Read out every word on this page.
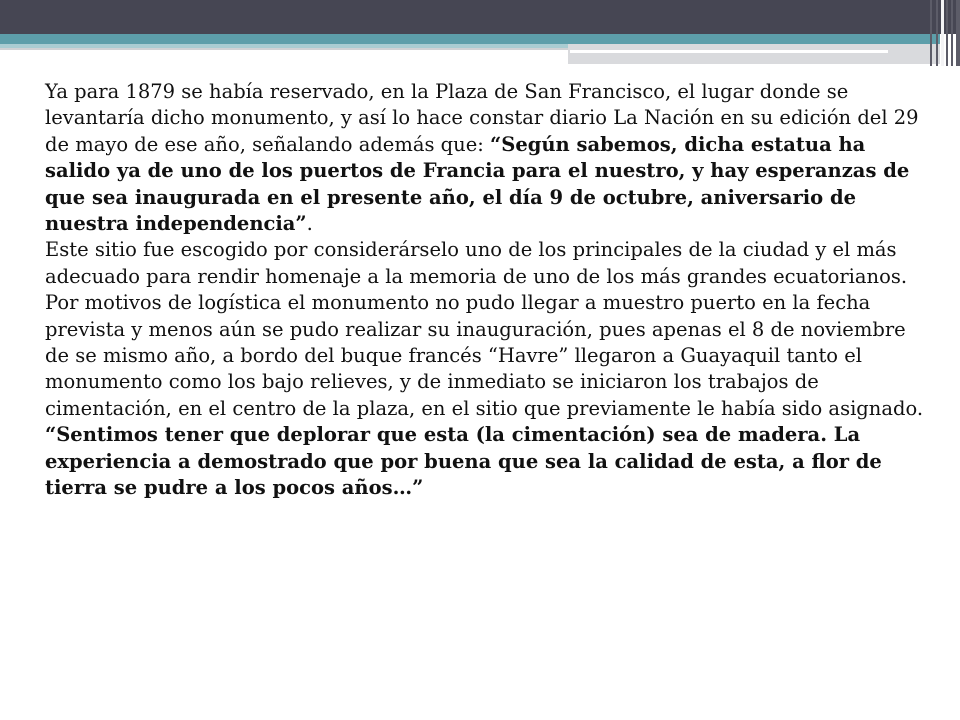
Ya para 1879 se había reservado, en la Plaza de San Francisco, el lugar donde se levantaría dicho monumento, y así lo hace constar diario La Nación en su edición del 29 de mayo de ese año, señalando además que: “Según sabemos, dicha estatua ha salido ya de uno de los puertos de Francia para el nuestro, y hay esperanzas de que sea inaugurada en el presente año, el día 9 de octubre, aniversario de nuestra independencia”.

Este sitio fue escogido por considerárselo uno de los principales de la ciudad y el más adecuado para rendir homenaje a la memoria de uno de los más grandes ecuatorianos.

Por motivos de logística el monumento no pudo llegar a muestro puerto en la fecha prevista y menos aún se pudo realizar su inauguración, pues apenas el 8 de noviembre de se mismo año, a bordo del buque francés “Havre” llegaron a Guayaquil tanto el monumento como los bajo relieves, y de inmediato se iniciaron los trabajos de cimentación, en el centro de la plaza, en el sitio que previamente le había sido asignado. “Sentimos tener que deplorar que esta (la cimentación) sea de madera. La experiencia a demostrado que por buena que sea la calidad de esta, a flor de tierra se pudre a los pocos años…”
